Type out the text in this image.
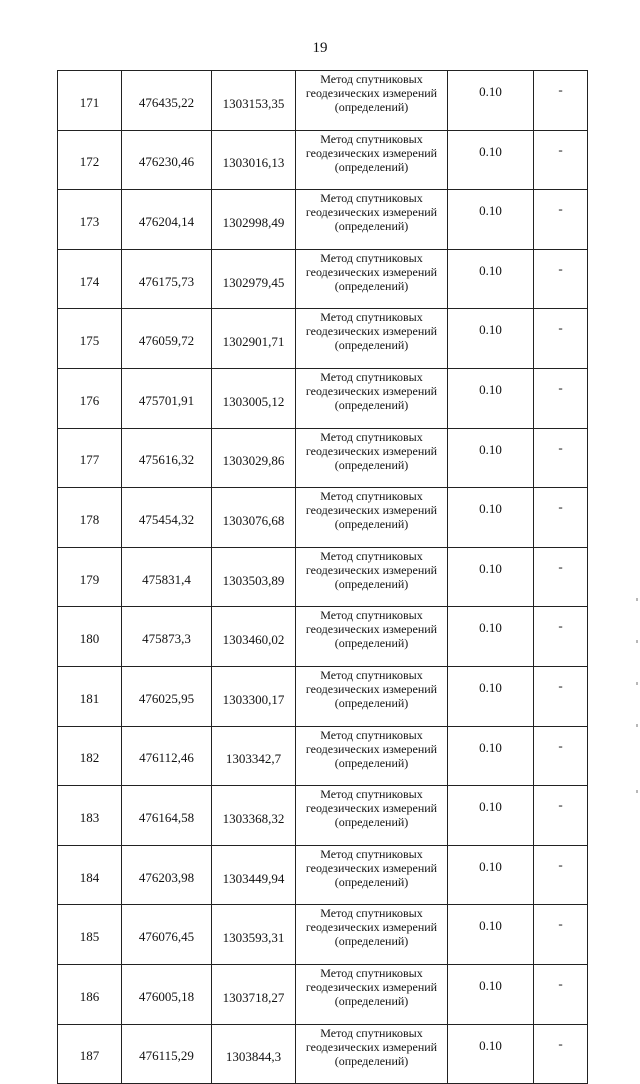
19
171	476435,22	1303153,35	Метод спутниковых
геодезических измерений
(определений)	0.10	-
172	476230,46	1303016,13	Метод спутниковых
геодезических измерений
(определений)	0.10	-
173	476204,14	1302998,49	Метод спутниковых
геодезических измерений
(определений)	0.10	-
174	476175,73	1302979,45	Метод спутниковых
геодезических измерений
(определений)	0.10	-
175	476059,72	1302901,71	Метод спутниковых
геодезических измерений
(определений)	0.10	-
176	475701,91	1303005,12	Метод спутниковых
геодезических измерений
(определений)	0.10	-
177	475616,32	1303029,86	Метод спутниковых
геодезических измерений
(определений)	0.10	-
178	475454,32	1303076,68	Метод спутниковых
геодезических измерений
(определений)	0.10	-
179	475831,4	1303503,89	Метод спутниковых
геодезических измерений
(определений)	0.10	-
180	475873,3	1303460,02	Метод спутниковых
геодезических измерений
(определений)	0.10	-
181	476025,95	1303300,17	Метод спутниковых
геодезических измерений
(определений)	0.10	-
182	476112,46	1303342,7	Метод спутниковых
геодезических измерений
(определений)	0.10	-
183	476164,58	1303368,32	Метод спутниковых
геодезических измерений
(определений)	0.10	-
184	476203,98	1303449,94	Метод спутниковых
геодезических измерений
(определений)	0.10	-
185	476076,45	1303593,31	Метод спутниковых
геодезических измерений
(определений)	0.10	-
186	476005,18	1303718,27	Метод спутниковых
геодезических измерений
(определений)	0.10	-
187	476115,29	1303844,3	Метод спутниковых
геодезических измерений
(определений)	0.10	-
